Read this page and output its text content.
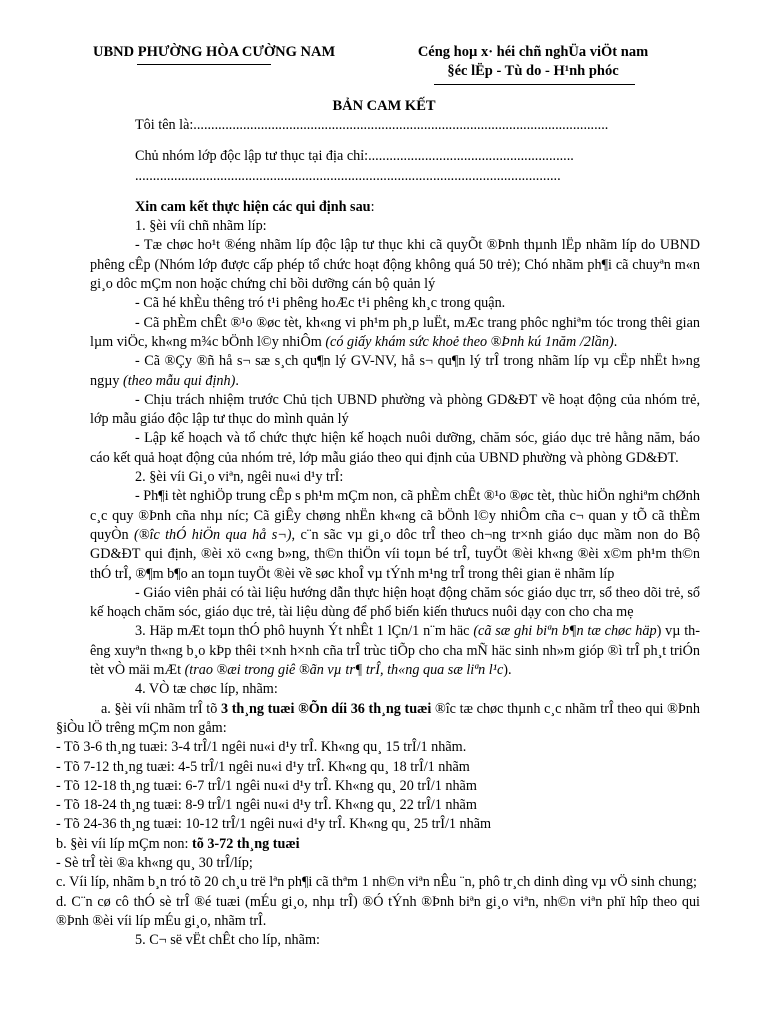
UBND PHƯỜNG HÒA CƯỜNG NAM	Céng hoµ x· héi chñ nghÜa viÖt nam
§éc lËp - Tù do - H¹nh phóc
BẢN CAM KẾT

Tôi tên là:.....................................................................................................................

Chủ nhóm lớp độc lập tư thục tại địa chỉ:..........................................................

........................................................................................................................

Xin cam kết thực hiện các qui định sau:

1. §èi víi chñ nhãm líp:

- Tæ chøc ho¹t ®éng nhãm líp độc lập tư thục khi cã quyÕt ®Þnh thµnh lËp nhãm líp do UBND phêng cÊp (Nhóm lớp được cấp phép tổ chức hoạt động không quá 50 trẻ); Chó nhãm ph¶i cã chuyªn m«n gi¸o dôc mÇm non hoặc chứng chỉ bồi dưỡng cán bộ quản lý

- Cã hé khÈu thêng tró t¹i phêng hoÆc t¹i phêng kh¸c trong quận.

- Cã phÈm chÊt ®¹o ®øc tèt, kh«ng vi ph¹m ph¸p luËt, mÆc trang phôc nghiªm tóc trong thêi gian lµm viÖc, kh«ng m¾c bÖnh l©y nhiÔm (có giấy khám sức khoẻ theo ®Þnh kú 1năm /2lần).

- Cã ®Çy ®ñ hå s¬ sæ s¸ch qu¶n lý GV-NV, hå s¬ qu¶n lý trÎ trong nhãm líp vµ cËp nhËt h»ng ngµy (theo mẫu qui định).

- Chịu trách nhiệm trước Chủ tịch UBND phường và phòng GD&ĐT về hoạt động của nhóm trẻ, lớp mẫu giáo độc lập tư thục do mình quản lý

- Lập kế hoạch và tổ chức thực hiện kế hoạch nuôi dưỡng, chăm sóc, giáo dục trẻ hằng năm, báo cáo kết quả hoạt động của nhóm trẻ, lớp mẫu giáo theo qui định của UBND phường và phòng GD&ĐT.

2. §èi víi Gi¸o viªn, ngêi nu«i d¹y trÎ:

- Ph¶i tèt nghiÖp trung cÊp s ph¹m mÇm non, cã phÈm chÊt ®¹o ®øc tèt, thùc hiÖn nghiªm chØnh c¸c quy ®Þnh cña nhµ níc; Cã giÊy chøng nhËn kh«ng cã bÖnh l©y nhiÔm cña c¬ quan y tÕ cã thÈm quyÒn (®îc thÓ hiÖn qua hå s¬), c¨n sãc vµ gi¸o dôc trÎ theo ch¬ng tr×nh giáo dục mầm non do Bộ GD&ĐT qui định, ®èi xö c«ng b»ng, th©n thiÖn víi toµn bé trÎ, tuyÖt ®èi kh«ng ®èi x©m ph¹m th©n thÓ trÎ, ®¶m b¶o an toµn tuyÖt ®èi về søc khoÎ vµ tÝnh m¹ng trÎ trong thêi gian ë nhãm líp

- Giáo viên phải có tài liệu hướng dẫn thực hiện hoạt động chăm sóc giáo dục trr, sổ theo dõi trẻ, sổ kế hoạch chăm sóc, giáo dục trẻ, tài liệu dùng để phổ biến kiến thưucs nuôi dạy con cho cha mẹ

3. Häp mÆt toµn thÓ phô huynh Ýt nhÊt 1 lÇn/1 n¨m häc (cã sæ ghi biªn b¶n tæ chøc häp) vµ thêng xuyªn th«ng b¸o kÞp thêi t×nh h×nh cña trÎ trùc tiÕp cho cha mÑ häc sinh nh»m gióp ®ì trÎ ph¸t triÓn tèt vÒ mäi mÆt (trao ®æi trong giê ®ãn vµ tr¶ trÎ, th«ng qua sæ liªn l¹c).

4. VÒ tæ chøc líp, nhãm:

a. §èi víi nhãm trÎ tõ 3 th¸ng tuæi ®Õn díi 36 th¸ng tuæi ®îc tæ chøc thµnh c¸c nhãm trÎ theo qui ®Þnh §iÒu lÖ trêng mÇm non gåm:

- Tõ 3-6 th¸ng tuæi: 3-4 trÎ/1 ngêi nu«i d¹y trÎ. Kh«ng qu¸ 15 trÎ/1 nhãm.

- Tõ 7-12 th¸ng tuæi: 4-5 trÎ/1 ngêi nu«i d¹y trÎ. Kh«ng qu¸ 18 trÎ/1 nhãm

- Tõ 12-18 th¸ng tuæi: 6-7 trÎ/1 ngêi nu«i d¹y trÎ. Kh«ng qu¸ 20 trÎ/1 nhãm

- Tõ 18-24 th¸ng tuæi: 8-9 trÎ/1 ngêi nu«i d¹y trÎ. Kh«ng qu¸ 22 trÎ/1 nhãm

- Tõ 24-36 th¸ng tuæi: 10-12 trÎ/1 ngêi nu«i d¹y trÎ. Kh«ng qu¸ 25 trÎ/1 nhãm

b. §èi víi líp mÇm non: tõ 3-72 th¸ng tuæi

- Sè trÎ tèi ®a kh«ng qu¸ 30 trÎ/líp;

c. Víi líp, nhãm b¸n tró tõ 20 ch¸u trë lªn ph¶i cã thªm 1 nh©n viªn nÊu ¨n, phô tr¸ch dinh dìng vµ vÖ sinh chung;

d. C¨n cø cô thÓ sè trÎ ®é tuæi (mÉu gi¸o, nhµ trÎ) ®Ó tÝnh ®Þnh biªn gi¸o viªn, nh©n viªn phï hîp theo qui ®Þnh ®èi víi líp mÉu gi¸o, nhãm trÎ.

5. C¬ së vËt chÊt cho líp, nhãm:
